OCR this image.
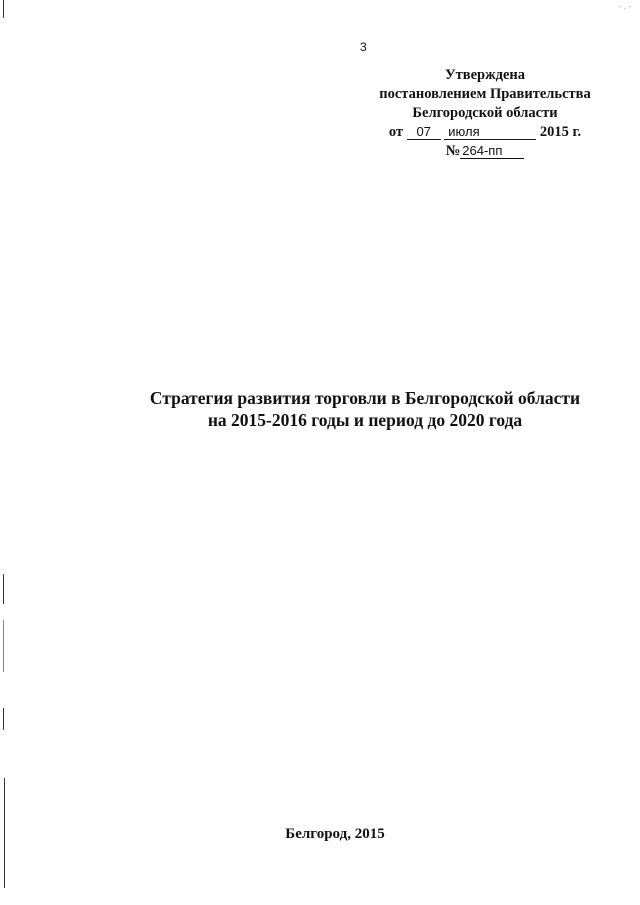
3
Утверждена
постановлением Правительства
Белгородской области
от 07 июля	2015 г.
№ 264-пп
Стратегия развития торговли в Белгородской области
на 2015-2016 годы и период до 2020 года
Белгород, 2015
- . -
